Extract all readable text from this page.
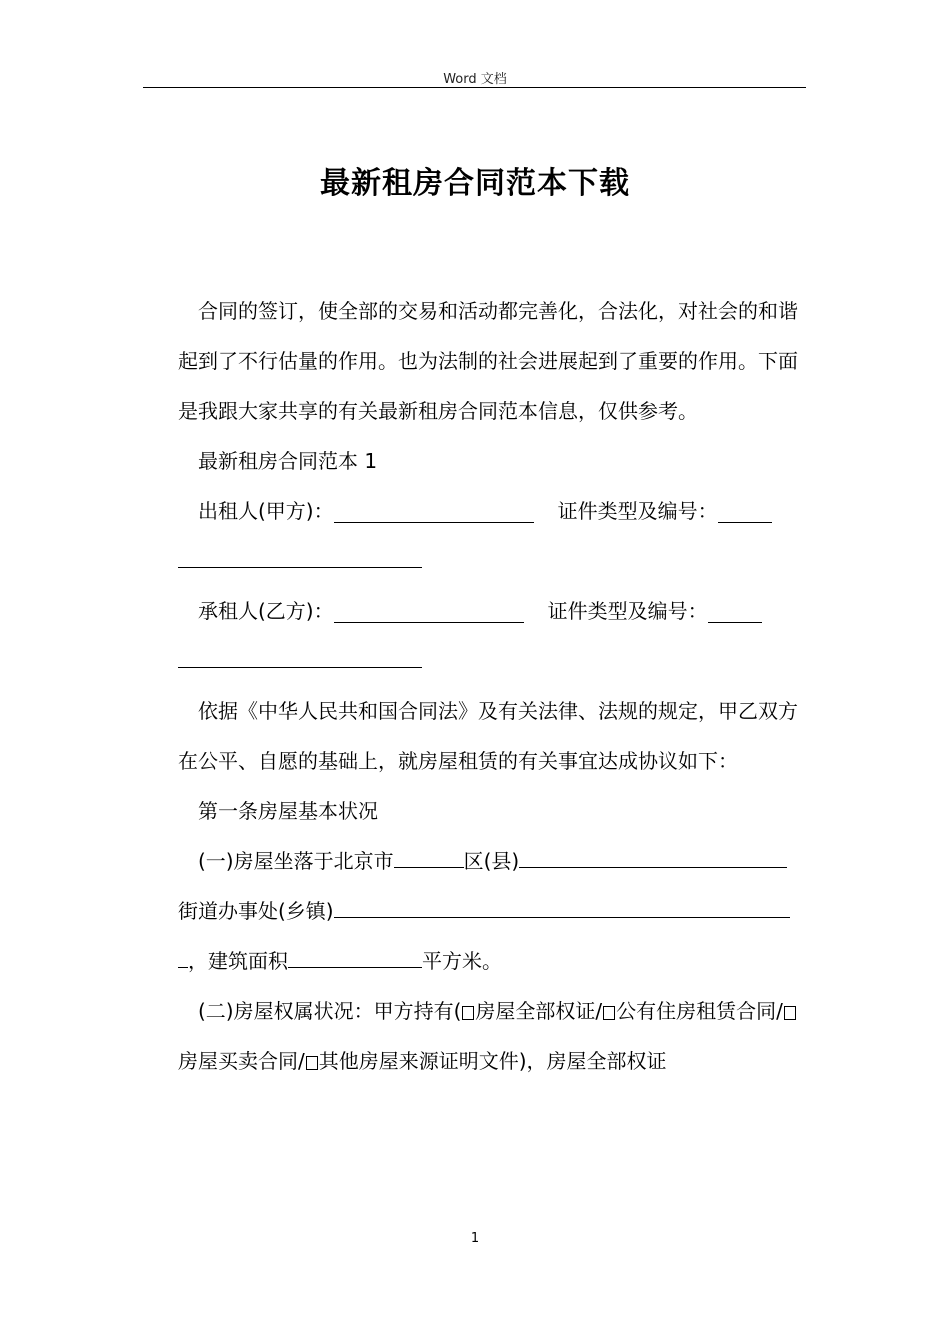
Word 文档
最新租房合同范本下载

合同的签订，使全部的交易和活动都完善化，合法化，对社会的和谐起到了不行估量的作用。也为法制的社会进展起到了重要的作用。下面是我跟大家共享的有关最新租房合同范本信息，仅供参考。

最新租房合同范本 1

出租人(甲方)：	证件类型及编号：

承租人(乙方)：	证件类型及编号：

依据《中华人民共和国合同法》及有关法律、法规的规定，甲乙双方在公平、自愿的基础上，就房屋租赁的有关事宜达成协议如下：

第一条房屋基本状况

(一)房屋坐落于北京市	区(县)

街道办事处(乡镇)

，建筑面积	平方米。

(二)房屋权属状况：甲方持有( 房屋全部权证/ 公有住房租赁合同/房屋买卖合同/ 其他房屋来源证明文件)，房屋全部权证

1
